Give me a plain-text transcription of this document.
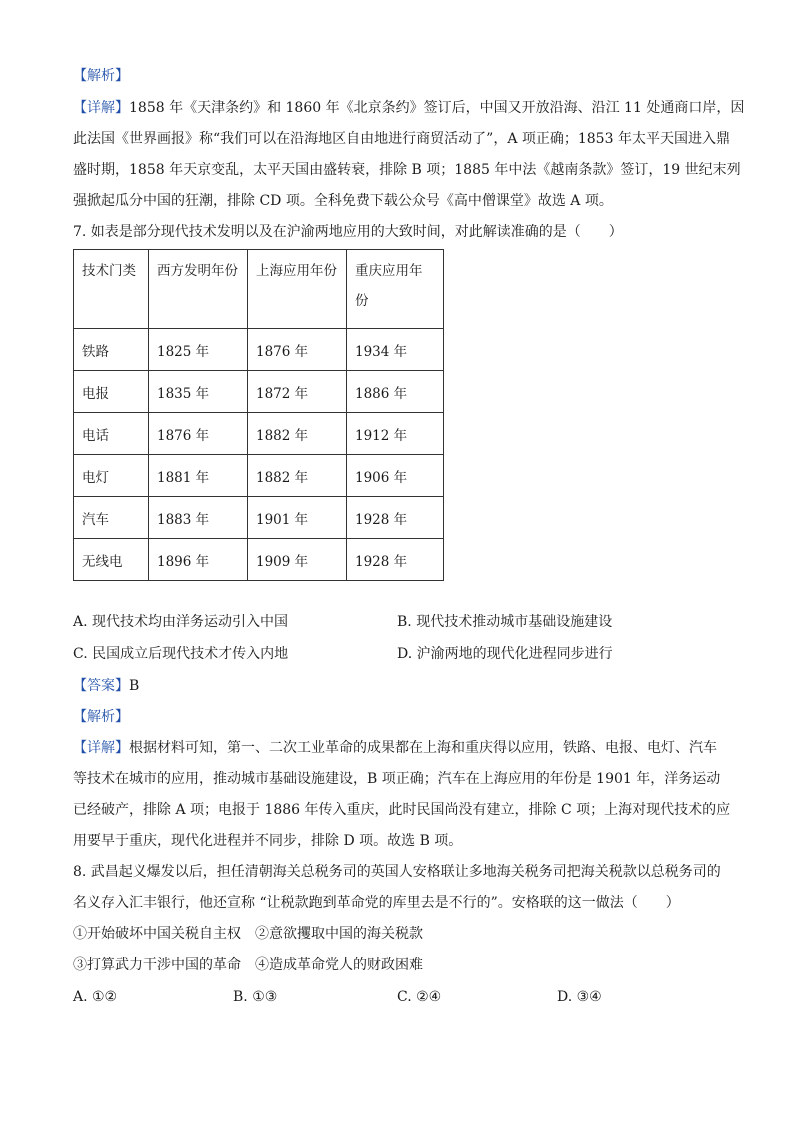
【解析】
【详解】1858 年《天津条约》和 1860 年《北京条约》签订后，中国又开放沿海、沿江 11 处通商口岸，因
此法国《世界画报》称“我们可以在沿海地区自由地进行商贸活动了”，A 项正确；1853 年太平天国进入鼎
盛时期，1858 年天京变乱，太平天国由盛转衰，排除 B 项；1885 年中法《越南条款》签订，19 世纪末列
强掀起瓜分中国的狂潮，排除 CD 项。全科免费下载公众号《高中僧课堂》故选 A 项。
7. 如表是部分现代技术发明以及在沪渝两地应用的大致时间，对此解读准确的是（　　）
技术门类	西方发明年份	上海应用年份	重庆应用年份
铁路	1825 年	1876 年	1934 年
电报	1835 年	1872 年	1886 年
电话	1876 年	1882 年	1912 年
电灯	1881 年	1882 年	1906 年
汽车	1883 年	1901 年	1928 年
无线电	1896 年	1909 年	1928 年
A. 现代技术均由洋务运动引入中国	B. 现代技术推动城市基础设施建设
C. 民国成立后现代技术才传入内地	D. 沪渝两地的现代化进程同步进行
【答案】B
【解析】
【详解】根据材料可知，第一、二次工业革命的成果都在上海和重庆得以应用，铁路、电报、电灯、汽车
等技术在城市的应用，推动城市基础设施建设，B 项正确；汽车在上海应用的年份是 1901 年，洋务运动
已经破产，排除 A 项；电报于 1886 年传入重庆，此时民国尚没有建立，排除 C 项；上海对现代技术的应
用要早于重庆，现代化进程并不同步，排除 D 项。故选 B 项。
8. 武昌起义爆发以后，担任清朝海关总税务司的英国人安格联让多地海关税务司把海关税款以总税务司的
名义存入汇丰银行，他还宣称 “让税款跑到革命党的库里去是不行的”。安格联的这一做法（　　）
①开始破坏中国关税自主权　②意欲攫取中国的海关税款
③打算武力干涉中国的革命　④造成革命党人的财政困难
A. ①②	B. ①③	C. ②④	D. ③④
